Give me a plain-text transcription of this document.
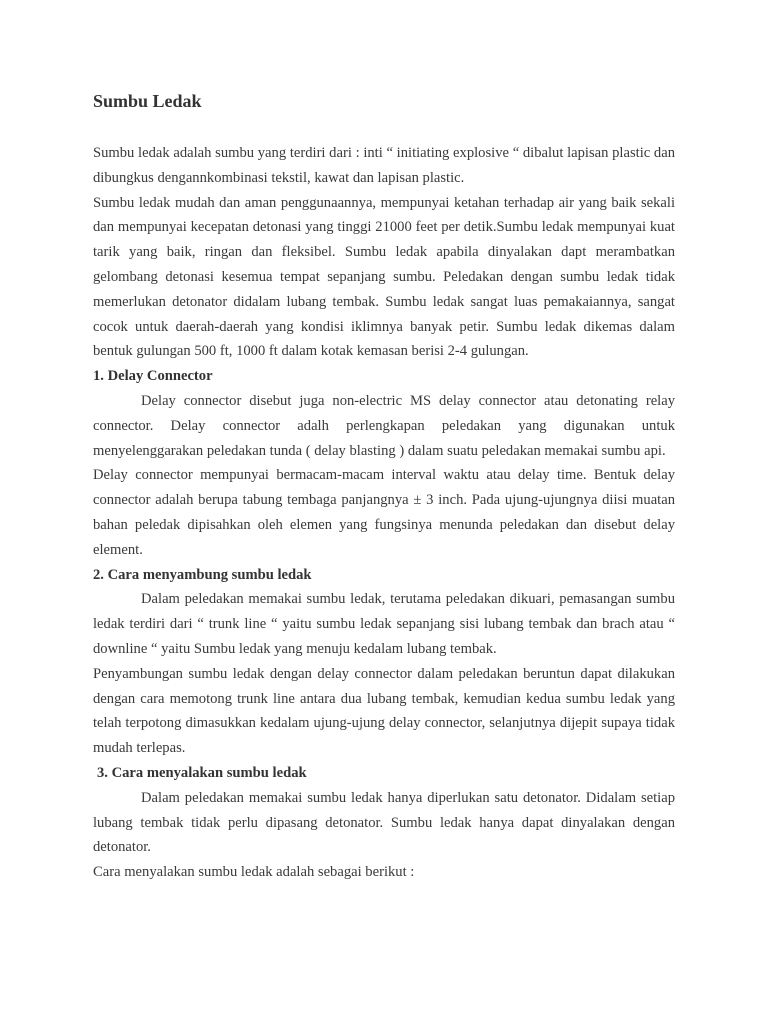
Sumbu Ledak

Sumbu ledak adalah sumbu yang terdiri dari : inti “ initiating explosive “ dibalut lapisan plastic dan dibungkus dengannkombinasi tekstil, kawat dan lapisan plastic.

Sumbu ledak mudah dan aman penggunaannya, mempunyai ketahan terhadap air yang baik sekali dan mempunyai kecepatan detonasi yang tinggi 21000 feet per detik.Sumbu ledak mempunyai kuat tarik yang baik, ringan dan fleksibel. Sumbu ledak apabila dinyalakan dapt merambatkan gelombang detonasi kesemua tempat sepanjang sumbu. Peledakan dengan sumbu ledak tidak memerlukan detonator didalam lubang tembak. Sumbu ledak sangat luas pemakaiannya, sangat cocok untuk daerah-daerah yang kondisi iklimnya banyak petir. Sumbu ledak dikemas dalam bentuk gulungan 500 ft, 1000 ft dalam kotak kemasan berisi 2-4 gulungan.

1. Delay Connector

Delay connector disebut juga non-electric MS delay connector atau detonating relay connector. Delay connector adalh perlengkapan peledakan yang digunakan untuk menyelenggarakan peledakan tunda ( delay blasting ) dalam suatu peledakan memakai sumbu api.

Delay connector mempunyai bermacam-macam interval waktu atau delay time. Bentuk delay connector adalah berupa tabung tembaga panjangnya ± 3 inch. Pada ujung-ujungnya diisi muatan bahan peledak dipisahkan oleh elemen yang fungsinya menunda peledakan dan disebut delay element.

2. Cara menyambung sumbu ledak

Dalam peledakan memakai sumbu ledak, terutama peledakan dikuari, pemasangan sumbu ledak terdiri dari “ trunk line “ yaitu sumbu ledak sepanjang sisi lubang tembak dan brach atau “ downline “ yaitu Sumbu ledak yang menuju kedalam lubang tembak.

Penyambungan sumbu ledak dengan delay connector dalam peledakan beruntun dapat dilakukan dengan cara memotong trunk line antara dua lubang tembak, kemudian kedua sumbu ledak yang telah terpotong dimasukkan kedalam ujung-ujung delay connector, selanjutnya dijepit supaya tidak mudah terlepas.

3. Cara menyalakan sumbu ledak

Dalam peledakan memakai sumbu ledak hanya diperlukan satu detonator. Didalam setiap lubang tembak tidak perlu dipasang detonator. Sumbu ledak hanya dapat dinyalakan dengan detonator.

Cara menyalakan sumbu ledak adalah sebagai berikut :
